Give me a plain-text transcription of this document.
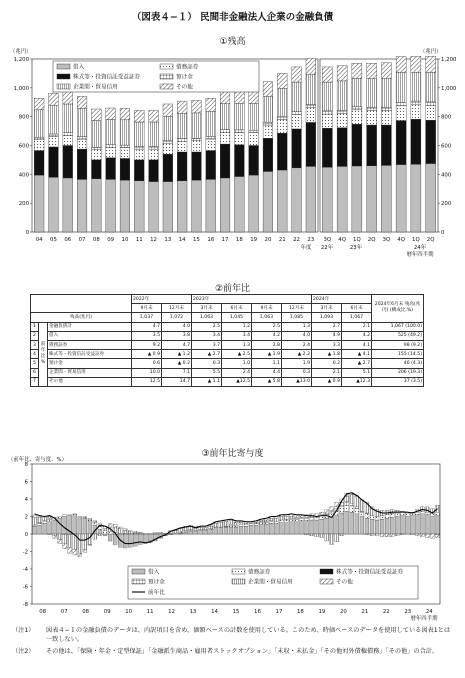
（図表４−１） 民間非金融法人企業の金融負債
①残高
0
200
400
600
800
1,000
1,200
04 05 06 07 08 09 10 11 12 13 14 15 16 17 18 19 20 21 22 23
（兆円）
年度
0
200
400
600
800
1,000
1,200
3Q 4Q 1Q 2Q 3Q 4Q 1Q 2Q
（兆円）
22年	23年	24年
暦年四半期
借入	債務証券
株式等・投資信託受益証券	預け金
企業間・貿易信用	その他
②前年比
			2022年		2023年				2024年		2024年6月末 残高(兆円) (構成比,%)
			9月末	12月末	3月末	6月末	9月末	12月末	3月末	6月末	
残高(兆円)			1,037	1,072	1,063	1,045	1,063	1,085	1,093	1,067	
1	前年比 %	金融負債計	4.7	4.0	2.5	1.2	2.5	1.3	2.7	2.1	1,067 (100.0)
2		借入	3.5	3.8	3.4	3.4	4.2	4.0	4.9	4.2	525 (49.2)
3		債務証券	9.2	4.7	3.7	1.3	2.8	2.4	3.3	4.1	98 (9.2)
4		株式等・投資信託受益証券	▲ 0.9	▲ 1.2	▲ 2.7	▲ 2.5	▲ 1.9	▲ 2.2	▲ 1.8	▲ 4.1	155 (14.5)
5		預け金	0.6	▲ 0.2	0.3	1.0	1.1	1.9	0.2	▲ 2.7	46 (4.3)
6		企業間・貿易信用	10.0	7.1	5.5	2.4	4.4	0.3	2.1	5.1	206 (19.3)
7		その他	12.5	14.7	▲ 1.1	▲12.5	▲ 5.8	▲13.0	▲ 0.9	▲12.3	37 (3.5)
③前年比寄与度
-8
-6
-4
-2
0
2
4
6
8
（前年比、寄与度、%）
08	07	08	09	10	11	12	13	14	15	16	17	18	19	20	21	22	23	24
暦年四半期
借入	債務証券	株式等・投資信託受益証券
預け金	企業間・貿易信用	その他
前年比
（注1）	図表４−１の金融負債のデータは、内訳項目を含め、価額ベースの計数を使用している。このため、時価ベースのデータを使用している図表1とは一致しない。
（注2）	その他は、「保険・年金・定型保証」「金融派生商品・雇用者ストックオプション」「未収・未払金」「その他対外債権債務」「その他」の合計。
